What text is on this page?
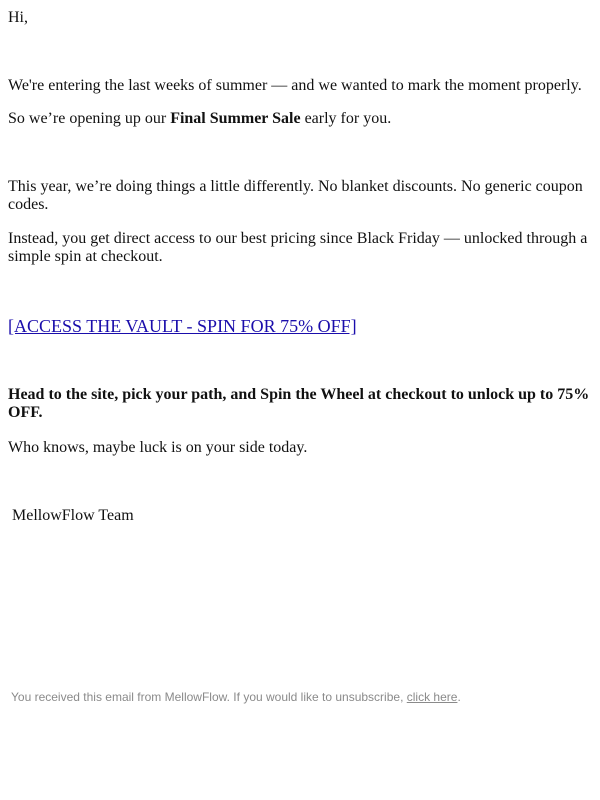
Hi,

We're entering the last weeks of summer — and we wanted to mark the moment properly.

So we’re opening up our Final Summer Sale early for you.

This year, we’re doing things a little differently. No blanket discounts. No generic coupon codes.

Instead, you get direct access to our best pricing since Black Friday — unlocked through a simple spin at checkout.

[ACCESS THE VAULT - SPIN FOR 75% OFF]

Head to the site, pick your path, and Spin the Wheel at checkout to unlock up to 75% OFF.

Who knows, maybe luck is on your side today.

MellowFlow Team

You received this email from MellowFlow. If you would like to unsubscribe, click here.
